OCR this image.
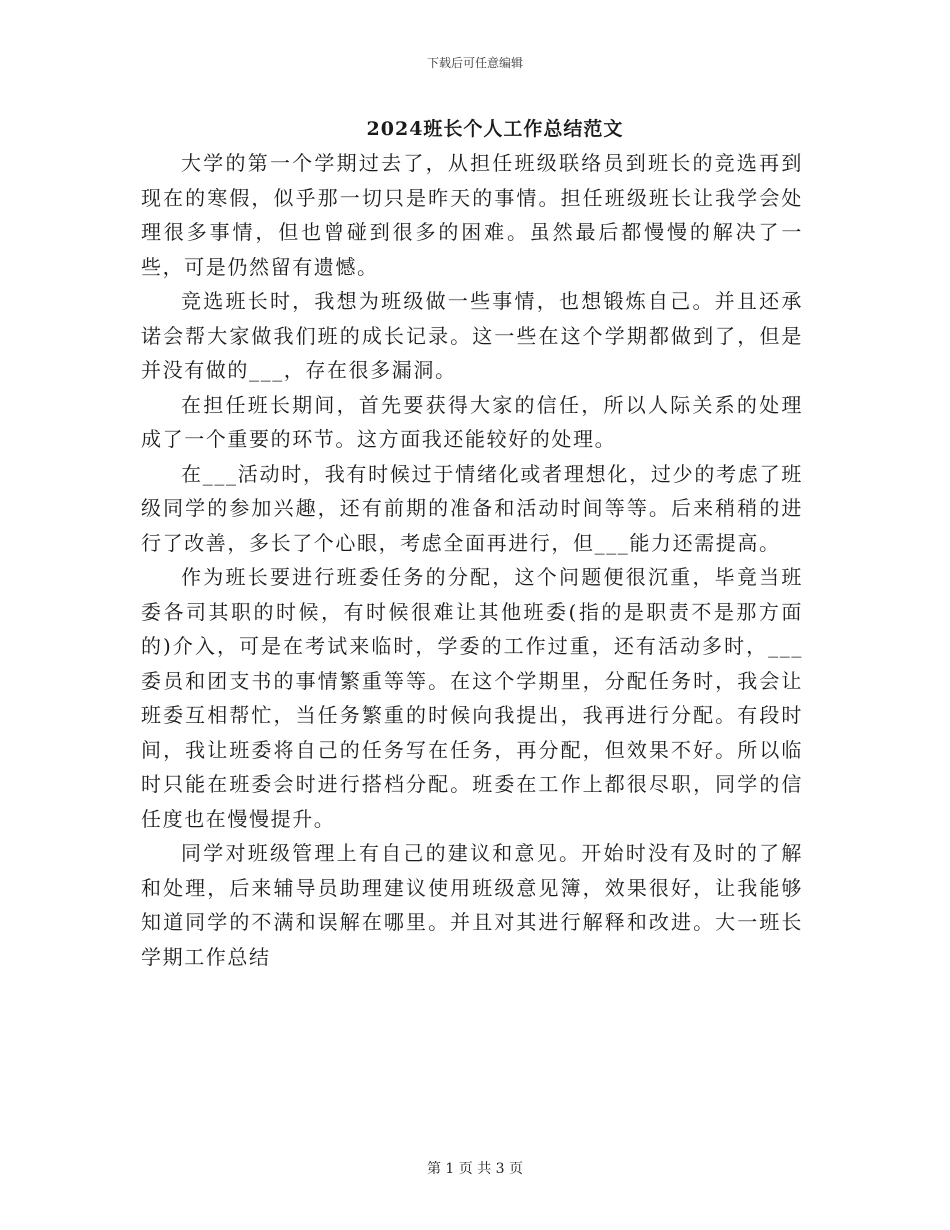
下载后可任意编辑
2024班长个人工作总结范文

大学的第一个学期过去了，从担任班级联络员到班长的竞选再到现在的寒假，似乎那一切只是昨天的事情。担任班级班长让我学会处理很多事情，但也曾碰到很多的困难。虽然最后都慢慢的解决了一些，可是仍然留有遗憾。

竞选班长时，我想为班级做一些事情，也想锻炼自己。并且还承诺会帮大家做我们班的成长记录。这一些在这个学期都做到了，但是并没有做的___，存在很多漏洞。

在担任班长期间，首先要获得大家的信任，所以人际关系的处理成了一个重要的环节。这方面我还能较好的处理。

在___活动时，我有时候过于情绪化或者理想化，过少的考虑了班级同学的参加兴趣，还有前期的准备和活动时间等等。后来稍稍的进行了改善，多长了个心眼，考虑全面再进行，但___能力还需提高。

作为班长要进行班委任务的分配，这个问题便很沉重，毕竟当班委各司其职的时候，有时候很难让其他班委(指的是职责不是那方面的)介入，可是在考试来临时，学委的工作过重，还有活动多时，___委员和团支书的事情繁重等等。在这个学期里，分配任务时，我会让班委互相帮忙，当任务繁重的时候向我提出，我再进行分配。有段时间，我让班委将自己的任务写在任务，再分配，但效果不好。所以临时只能在班委会时进行搭档分配。班委在工作上都很尽职，同学的信任度也在慢慢提升。

同学对班级管理上有自己的建议和意见。开始时没有及时的了解和处理，后来辅导员助理建议使用班级意见簿，效果很好，让我能够知道同学的不满和误解在哪里。并且对其进行解释和改进。大一班长学期工作总结

第 1 页 共 3 页
